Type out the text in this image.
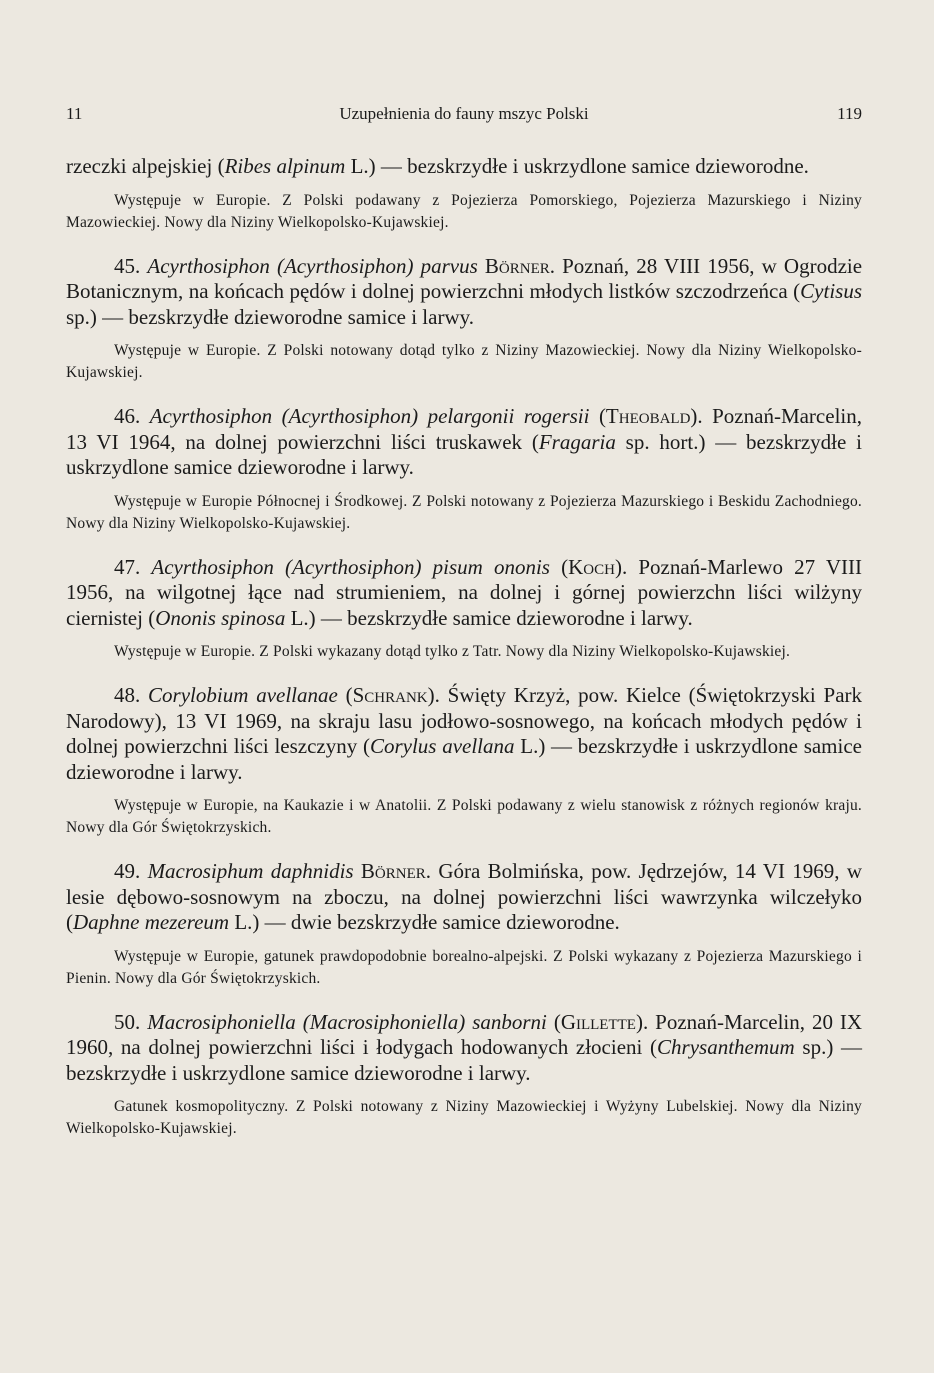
11	Uzupełnienia do fauny mszyc Polski	119

rzeczki alpejskiej (Ribes alpinum L.) — bezskrzydłe i uskrzydlone samice dzieworodne.

Występuje w Europie. Z Polski podawany z Pojezierza Pomorskiego, Pojezierza Mazurskiego i Niziny Mazowieckiej. Nowy dla Niziny Wielkopolsko-Kujawskiej.

45. Acyrthosiphon (Acyrthosiphon) parvus Börner. Poznań, 28 VIII 1956, w Ogrodzie Botanicznym, na końcach pędów i dolnej powierzchni młodych listków szczodrzeńca (Cytisus sp.) — bezskrzydłe dzieworodne samice i larwy.

Występuje w Europie. Z Polski notowany dotąd tylko z Niziny Mazowieckiej. Nowy dla Niziny Wielkopolsko-Kujawskiej.

46. Acyrthosiphon (Acyrthosiphon) pelargonii rogersii (Theobald). Poznań-Marcelin, 13 VI 1964, na dolnej powierzchni liści truskawek (Fragaria sp. hort.) — bezskrzydłe i uskrzydlone samice dzieworodne i larwy.

Występuje w Europie Północnej i Środkowej. Z Polski notowany z Pojezierza Mazurskiego i Beskidu Zachodniego. Nowy dla Niziny Wielkopolsko-Kujawskiej.

47. Acyrthosiphon (Acyrthosiphon) pisum ononis (Koch). Poznań-Marlewo 27 VIII 1956, na wilgotnej łące nad strumieniem, na dolnej i górnej powierzchn liści wilżyny ciernistej (Ononis spinosa L.) — bezskrzydłe samice dzieworodne i larwy.

Występuje w Europie. Z Polski wykazany dotąd tylko z Tatr. Nowy dla Niziny Wielkopolsko-Kujawskiej.

48. Corylobium avellanae (Schrank). Święty Krzyż, pow. Kielce (Świętokrzyski Park Narodowy), 13 VI 1969, na skraju lasu jodłowo-sosnowego, na końcach młodych pędów i dolnej powierzchni liści leszczyny (Corylus avellana L.) — bezskrzydłe i uskrzydlone samice dzieworodne i larwy.

Występuje w Europie, na Kaukazie i w Anatolii. Z Polski podawany z wielu stanowisk z różnych regionów kraju. Nowy dla Gór Świętokrzyskich.

49. Macrosiphum daphnidis Börner. Góra Bolmińska, pow. Jędrzejów, 14 VI 1969, w lesie dębowo-sosnowym na zboczu, na dolnej powierzchni liści wawrzynka wilczełyko (Daphne mezereum L.) — dwie bezskrzydłe samice dzieworodne.

Występuje w Europie, gatunek prawdopodobnie borealno-alpejski. Z Polski wykazany z Pojezierza Mazurskiego i Pienin. Nowy dla Gór Świętokrzyskich.

50. Macrosiphoniella (Macrosiphoniella) sanborni (Gillette). Poznań-Marcelin, 20 IX 1960, na dolnej powierzchni liści i łodygach hodowanych złocieni (Chrysanthemum sp.) — bezskrzydłe i uskrzydlone samice dzieworodne i larwy.

Gatunek kosmopolityczny. Z Polski notowany z Niziny Mazowieckiej i Wyżyny Lubelskiej. Nowy dla Niziny Wielkopolsko-Kujawskiej.
